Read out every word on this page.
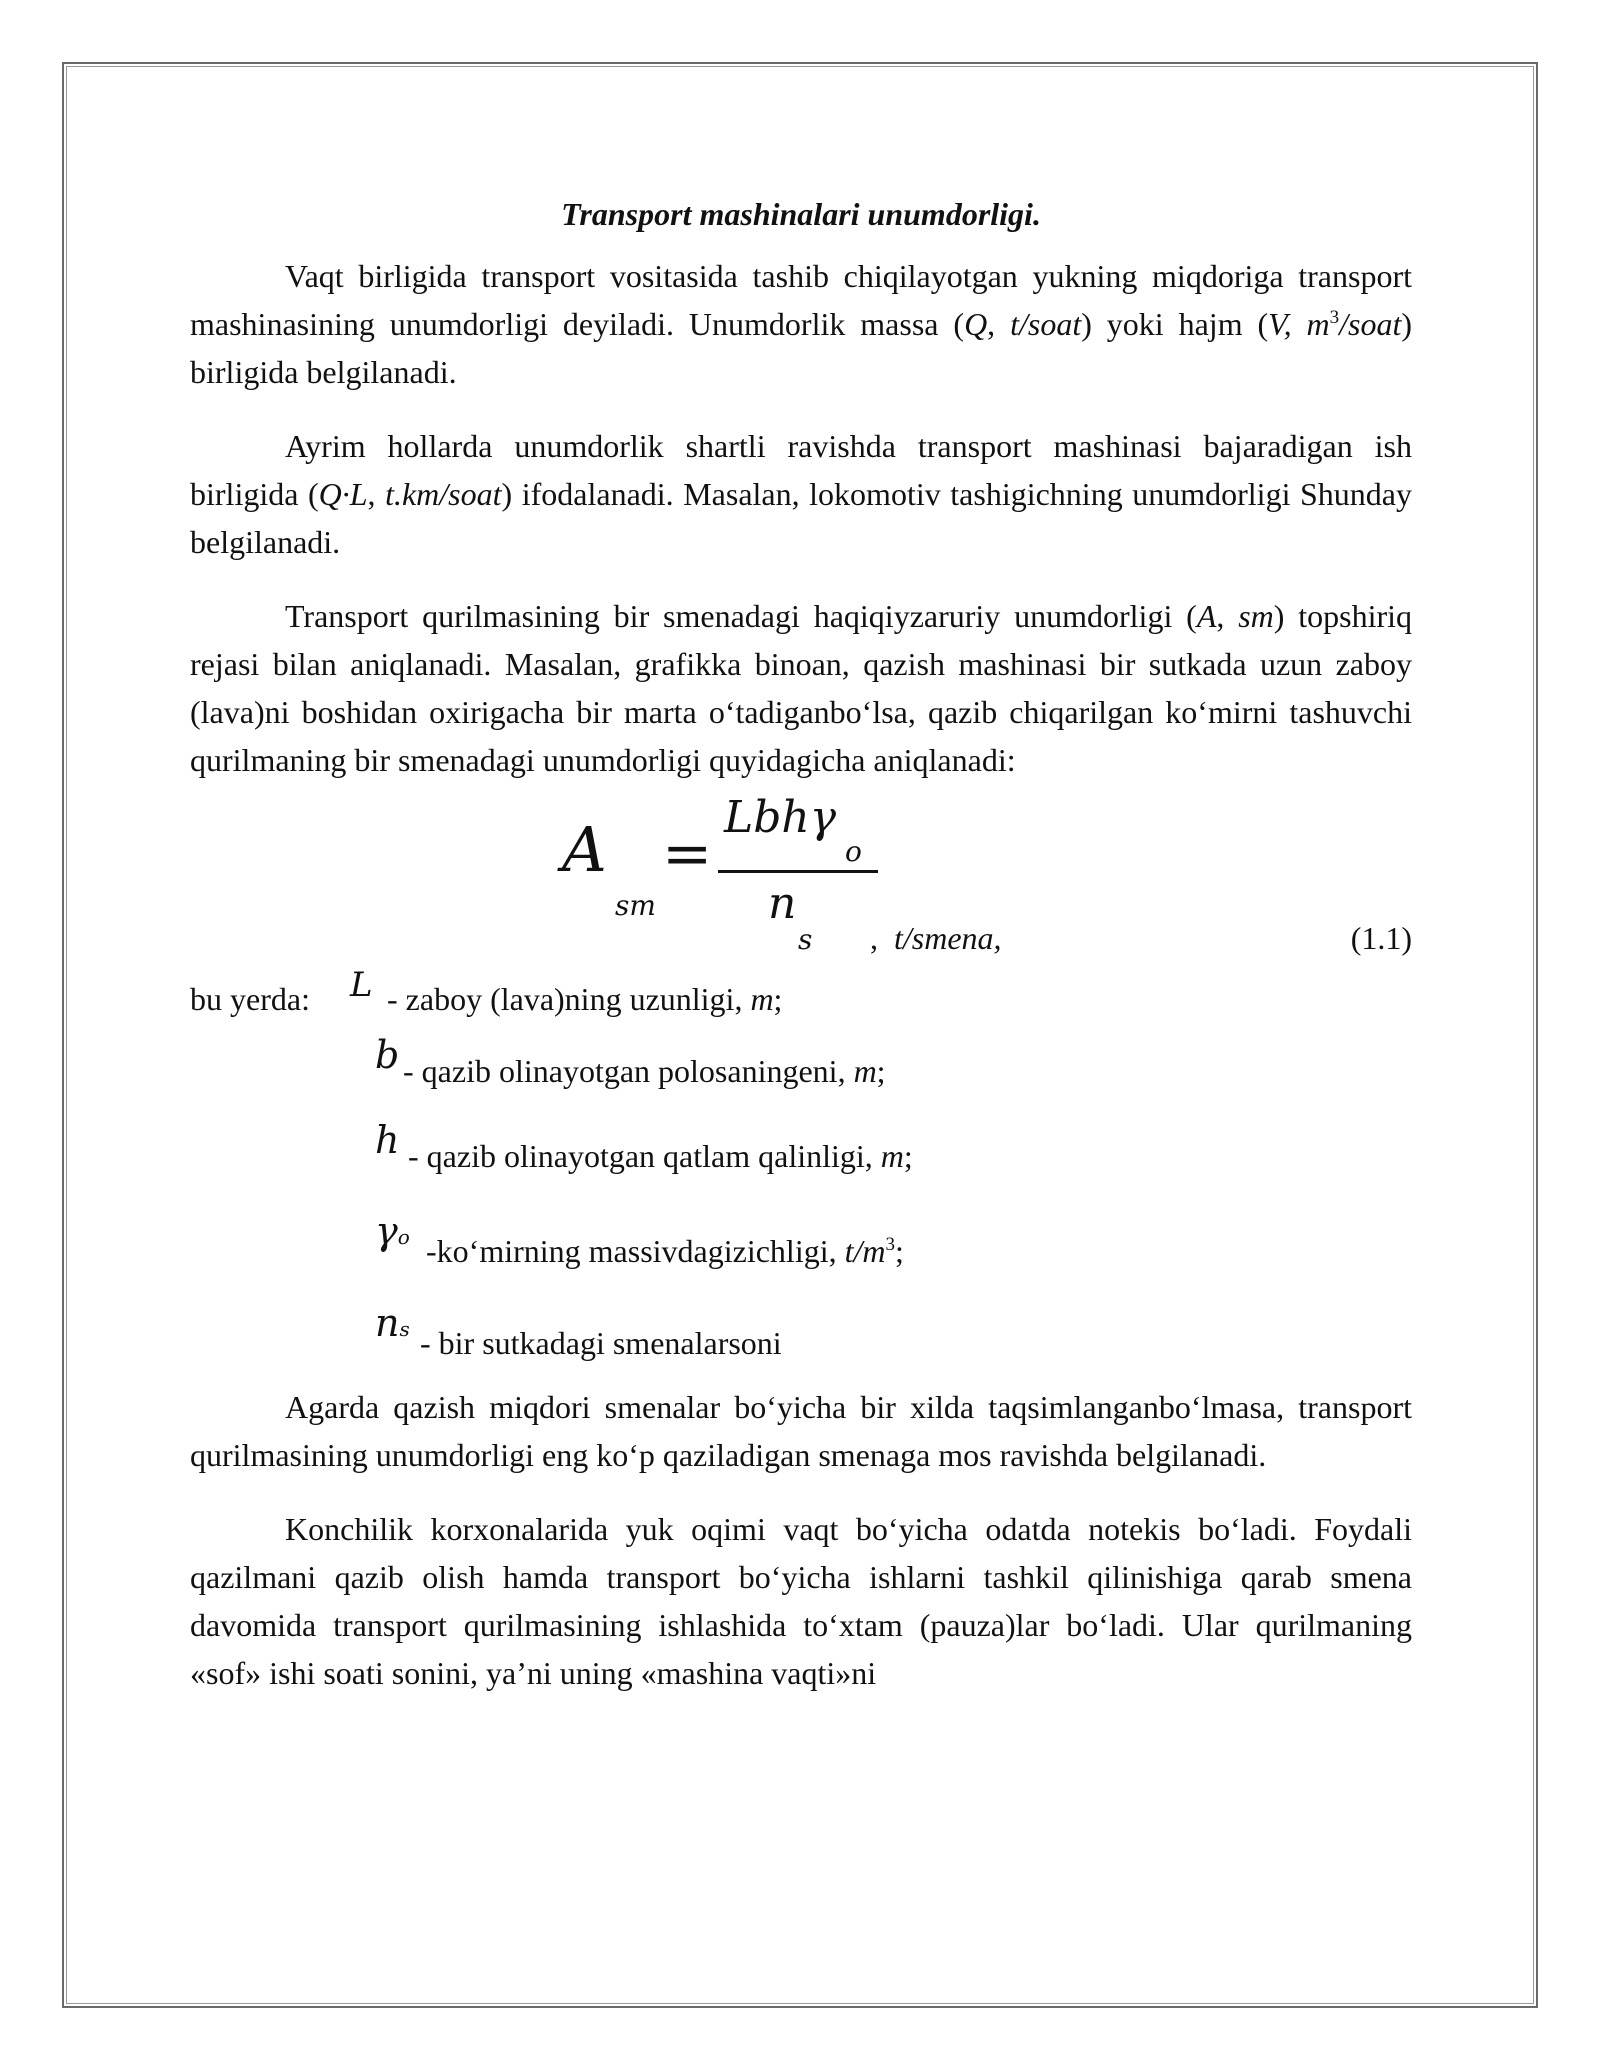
Transport mashinalari unumdorligi.

Vaqt birligida transport vositasida tashib chiqilayotgan yukning miqdoriga transport mashinasining unumdorligi deyiladi. Unumdorlik massa (Q, t/soat) yoki hajm (V, $m^3/soat$) birligida belgilanadi.

Ayrim hollarda unumdorlik shartli ravishda transport mashinasi bajaradigan ish birligida (Q·L, t.km/soat) ifodalanadi. Masalan, lokomotiv tashigichning unumdorligi Shunday belgilanadi.

Transport qurilmasining bir smenadagi haqiqiyzaruriy unumdorligi (A, sm) topshiriq rejasi bilan aniqlanadi. Masalan, grafikka binoan, qazish mashinasi bir sutkada uzun zaboy (lava)ni boshidan oxirigacha bir marta o‘tadiganbo‘lsa, qazib chiqarilgan ko‘mirni tashuvchi qurilmaning bir smenadagi unumdorligi quyidagicha aniqlanadi:

A
sm
=
Lbhγ
o
n
s ,  t/smena,	(1.1)
bu yerda: L - zaboy (lava)ning uzunligi, m;
b - qazib olinayotgan polosaningeni, m;
h - qazib olinayotgan qatlam qalinligi, m;
γo -ko‘mirning massivdagizichligi, $t/m^3$;
ns - bir sutkadagi smenalarsoni

Agarda qazish miqdori smenalar bo‘yicha bir xilda taqsimlanganbo‘lmasa, transport qurilmasining unumdorligi eng ko‘p qaziladigan smenaga mos ravishda belgilanadi.

Konchilik korxonalarida yuk oqimi vaqt bo‘yicha odatda notekis bo‘ladi. Foydali qazilmani qazib olish hamda transport bo‘yicha ishlarni tashkil qilinishiga qarab smena davomida transport qurilmasining ishlashida to‘xtam (pauza)lar bo‘ladi. Ular qurilmaning «sof» ishi soati sonini, ya’ni uning «mashina vaqti»ni
